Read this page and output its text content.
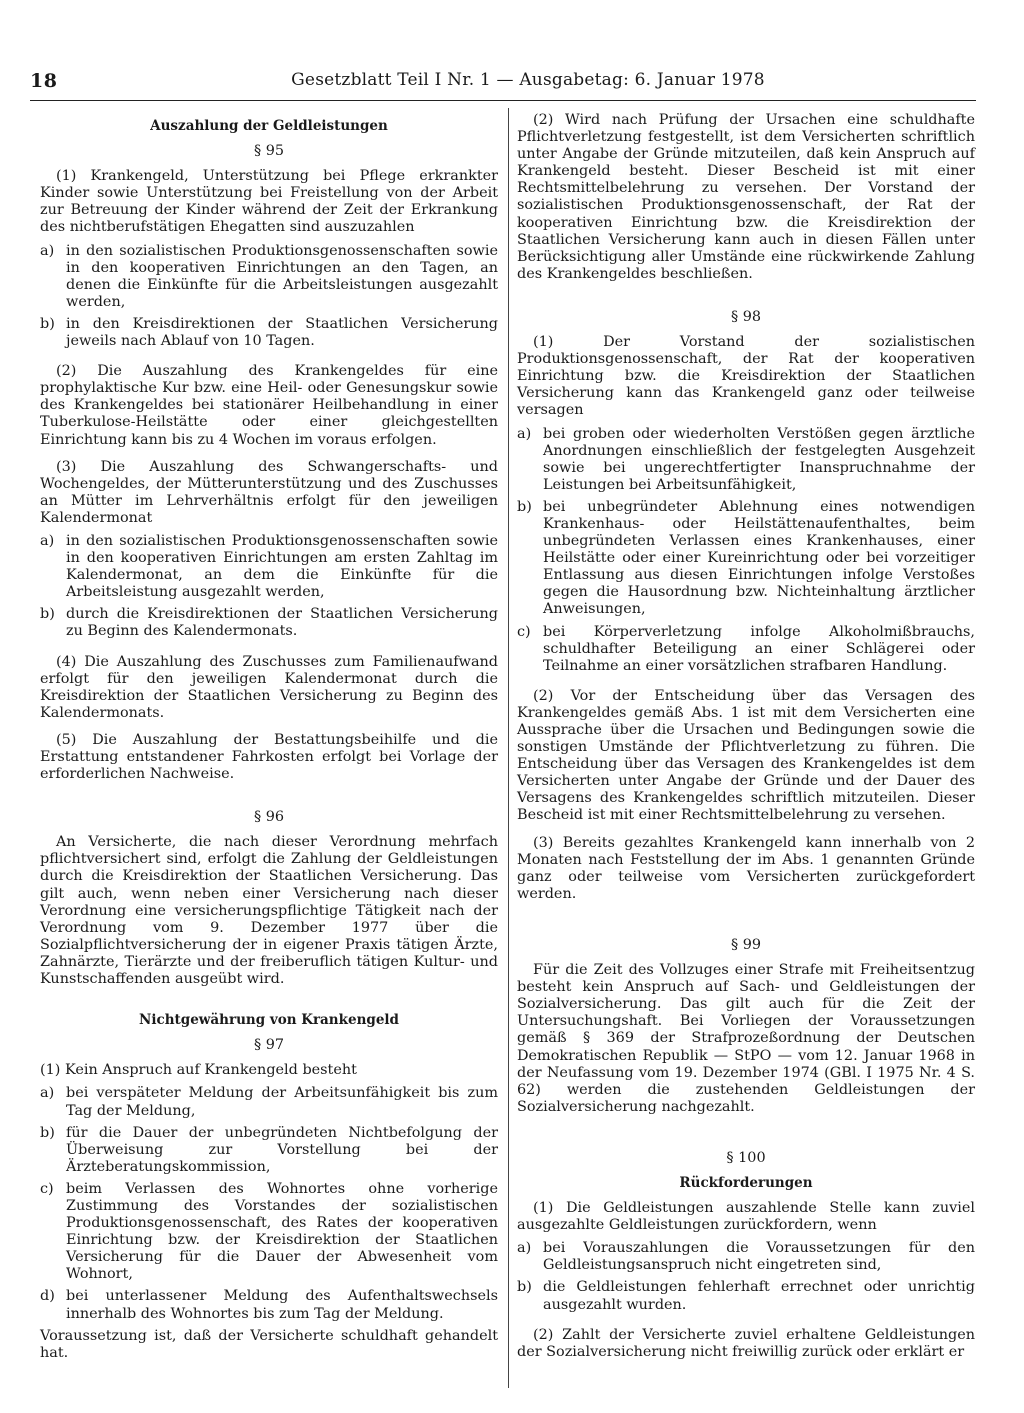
18	Gesetzblatt Teil I Nr. 1 — Ausgabetag: 6. Januar 1978
Auszahlung der Geldleistungen
§ 95

(1) Krankengeld, Unterstützung bei Pflege erkrankter Kinder sowie Unterstützung bei Freistellung von der Arbeit zur Betreuung der Kinder während der Zeit der Erkrankung des nichtberufstätigen Ehegatten sind auszuzahlen

a) in den sozialistischen Produktionsgenossenschaften sowie in den kooperativen Einrichtungen an den Tagen, an denen die Einkünfte für die Arbeitsleistungen ausgezahlt werden,
b) in den Kreisdirektionen der Staatlichen Versicherung jeweils nach Ablauf von 10 Tagen.

(2) Die Auszahlung des Krankengeldes für eine prophylaktische Kur bzw. eine Heil- oder Genesungskur sowie des Krankengeldes bei stationärer Heilbehandlung in einer Tuberkulose-Heilstätte oder einer gleichgestellten Einrichtung kann bis zu 4 Wochen im voraus erfolgen.

(3) Die Auszahlung des Schwangerschafts- und Wochengeldes, der Mütterunterstützung und des Zuschusses an Mütter im Lehrverhältnis erfolgt für den jeweiligen Kalendermonat

a) in den sozialistischen Produktionsgenossenschaften sowie in den kooperativen Einrichtungen am ersten Zahltag im Kalendermonat, an dem die Einkünfte für die Arbeitsleistung ausgezahlt werden,
b) durch die Kreisdirektionen der Staatlichen Versicherung zu Beginn des Kalendermonats.

(4) Die Auszahlung des Zuschusses zum Familienaufwand erfolgt für den jeweiligen Kalendermonat durch die Kreisdirektion der Staatlichen Versicherung zu Beginn des Kalendermonats.

(5) Die Auszahlung der Bestattungsbeihilfe und die Erstattung entstandener Fahrkosten erfolgt bei Vorlage der erforderlichen Nachweise.

§ 96

An Versicherte, die nach dieser Verordnung mehrfach pflichtversichert sind, erfolgt die Zahlung der Geldleistungen durch die Kreisdirektion der Staatlichen Versicherung. Das gilt auch, wenn neben einer Versicherung nach dieser Verordnung eine versicherungspflichtige Tätigkeit nach der Verordnung vom 9. Dezember 1977 über die Sozialpflichtversicherung der in eigener Praxis tätigen Ärzte, Zahnärzte, Tierärzte und der freiberuflich tätigen Kultur- und Kunstschaffenden ausgeübt wird.

Nichtgewährung von Krankengeld
§ 97

(1) Kein Anspruch auf Krankengeld besteht

a) bei verspäteter Meldung der Arbeitsunfähigkeit bis zum Tag der Meldung,
b) für die Dauer der unbegründeten Nichtbefolgung der Überweisung zur Vorstellung bei der Ärzteberatungskommission,
c) beim Verlassen des Wohnortes ohne vorherige Zustimmung des Vorstandes der sozialistischen Produktionsgenossenschaft, des Rates der kooperativen Einrichtung bzw. der Kreisdirektion der Staatlichen Versicherung für die Dauer der Abwesenheit vom Wohnort,
d) bei unterlassener Meldung des Aufenthaltswechsels innerhalb des Wohnortes bis zum Tag der Meldung.

Voraussetzung ist, daß der Versicherte schuldhaft gehandelt hat.

(2) Wird nach Prüfung der Ursachen eine schuldhafte Pflichtverletzung festgestellt, ist dem Versicherten schriftlich unter Angabe der Gründe mitzuteilen, daß kein Anspruch auf Krankengeld besteht. Dieser Bescheid ist mit einer Rechtsmittelbelehrung zu versehen. Der Vorstand der sozialistischen Produktionsgenossenschaft, der Rat der kooperativen Einrichtung bzw. die Kreisdirektion der Staatlichen Versicherung kann auch in diesen Fällen unter Berücksichtigung aller Umstände eine rückwirkende Zahlung des Krankengeldes beschließen.

§ 98

(1) Der Vorstand der sozialistischen Produktionsgenossenschaft, der Rat der kooperativen Einrichtung bzw. die Kreisdirektion der Staatlichen Versicherung kann das Krankengeld ganz oder teilweise versagen

a) bei groben oder wiederholten Verstößen gegen ärztliche Anordnungen einschließlich der festgelegten Ausgehzeit sowie bei ungerechtfertigter Inanspruchnahme der Leistungen bei Arbeitsunfähigkeit,
b) bei unbegründeter Ablehnung eines notwendigen Krankenhaus- oder Heilstättenaufenthaltes, beim unbegründeten Verlassen eines Krankenhauses, einer Heilstätte oder einer Kureinrichtung oder bei vorzeitiger Entlassung aus diesen Einrichtungen infolge Verstoßes gegen die Hausordnung bzw. Nichteinhaltung ärztlicher Anweisungen,
c) bei Körperverletzung infolge Alkoholmißbrauchs, schuldhafter Beteiligung an einer Schlägerei oder Teilnahme an einer vorsätzlichen strafbaren Handlung.

(2) Vor der Entscheidung über das Versagen des Krankengeldes gemäß Abs. 1 ist mit dem Versicherten eine Aussprache über die Ursachen und Bedingungen sowie die sonstigen Umstände der Pflichtverletzung zu führen. Die Entscheidung über das Versagen des Krankengeldes ist dem Versicherten unter Angabe der Gründe und der Dauer des Versagens des Krankengeldes schriftlich mitzuteilen. Dieser Bescheid ist mit einer Rechtsmittelbelehrung zu versehen.

(3) Bereits gezahltes Krankengeld kann innerhalb von 2 Monaten nach Feststellung der im Abs. 1 genannten Gründe ganz oder teilweise vom Versicherten zurückgefordert werden.

§ 99

Für die Zeit des Vollzuges einer Strafe mit Freiheitsentzug besteht kein Anspruch auf Sach- und Geldleistungen der Sozialversicherung. Das gilt auch für die Zeit der Untersuchungshaft. Bei Vorliegen der Voraussetzungen gemäß § 369 der Strafprozeßordnung der Deutschen Demokratischen Republik — StPO — vom 12. Januar 1968 in der Neufassung vom 19. Dezember 1974 (GBl. I 1975 Nr. 4 S. 62) werden die zustehenden Geldleistungen der Sozialversicherung nachgezahlt.

§ 100
Rückforderungen

(1) Die Geldleistungen auszahlende Stelle kann zuviel ausgezahlte Geldleistungen zurückfordern, wenn

a) bei Vorauszahlungen die Voraussetzungen für den Geldleistungsanspruch nicht eingetreten sind,
b) die Geldleistungen fehlerhaft errechnet oder unrichtig ausgezahlt wurden.

(2) Zahlt der Versicherte zuviel erhaltene Geldleistungen der Sozialversicherung nicht freiwillig zurück oder erklärt er
